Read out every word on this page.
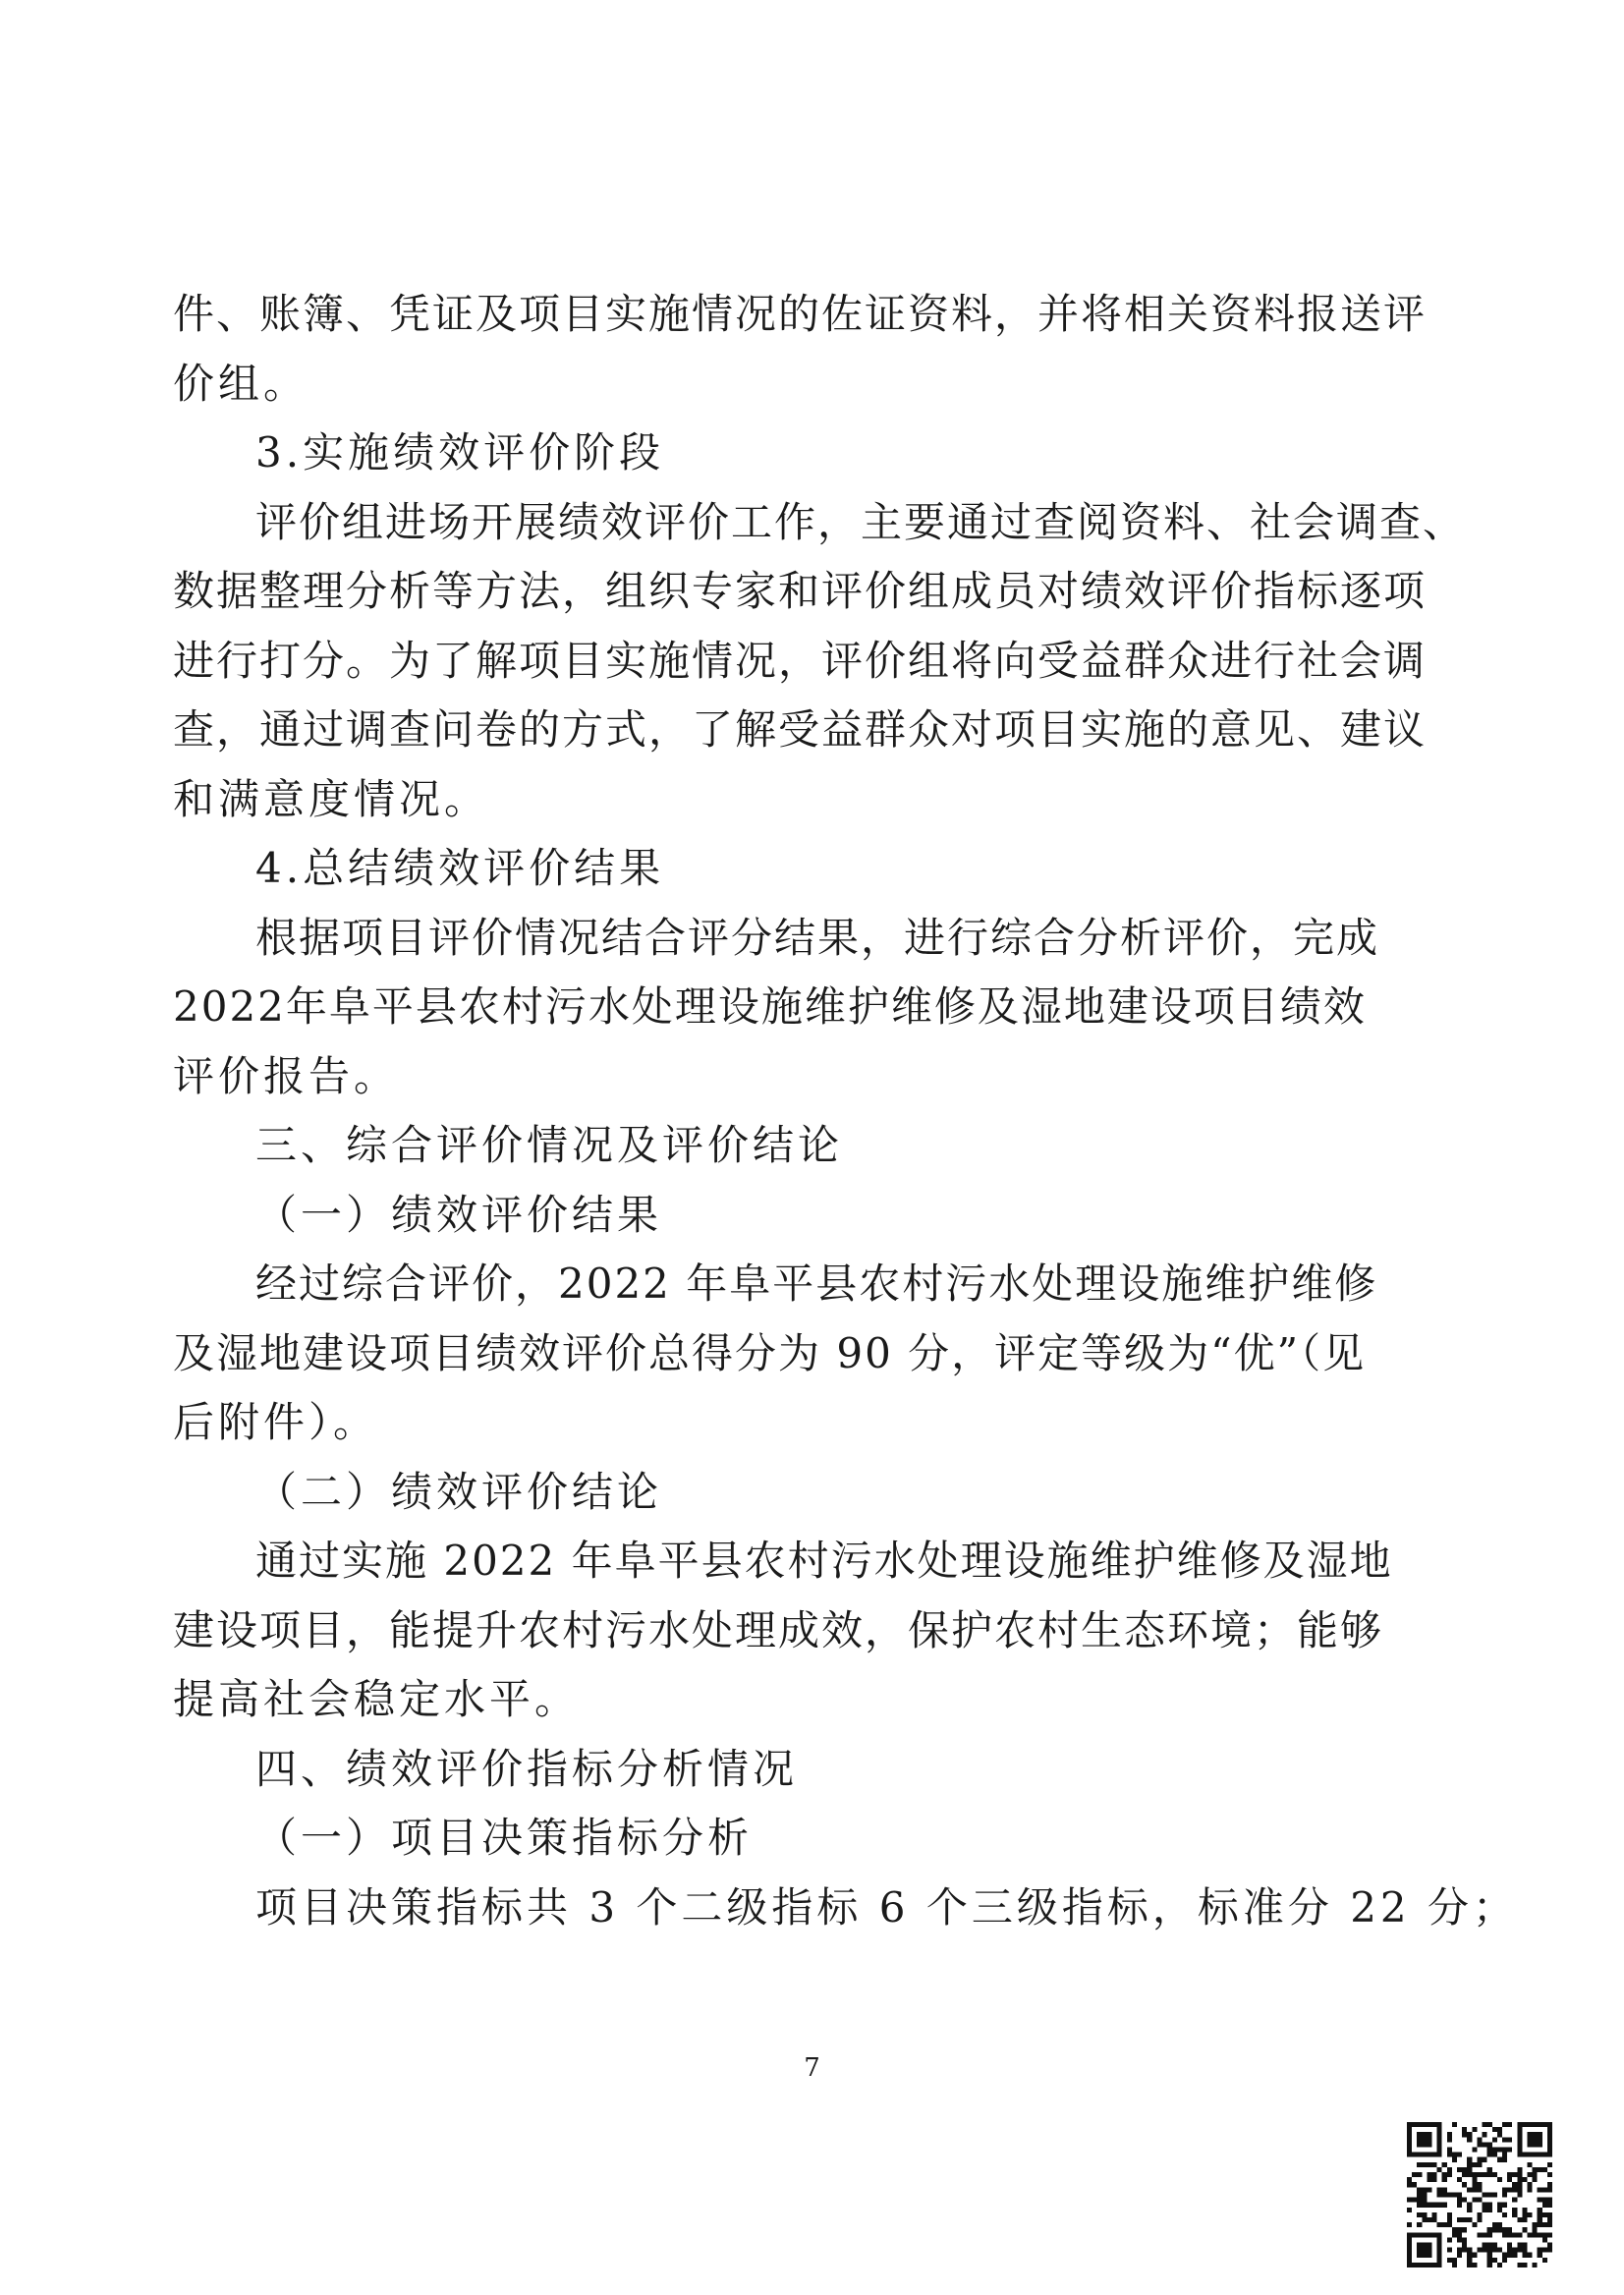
件、账簿、凭证及项目实施情况的佐证资料，并将相关资料报送评
价组。
3.实施绩效评价阶段
评价组进场开展绩效评价工作，主要通过查阅资料、社会调查、
数据整理分析等方法，组织专家和评价组成员对绩效评价指标逐项
进行打分。为了解项目实施情况，评价组将向受益群众进行社会调
查，通过调查问卷的方式，了解受益群众对项目实施的意见、建议
和满意度情况。
4.总结绩效评价结果
根据项目评价情况结合评分结果，进行综合分析评价，完成
2022年阜平县农村污水处理设施维护维修及湿地建设项目绩效
评价报告。
三、综合评价情况及评价结论
（一）绩效评价结果
经过综合评价，2022 年阜平县农村污水处理设施维护维修
及湿地建设项目绩效评价总得分为 90 分，评定等级为“优”（见
后附件）。
（二）绩效评价结论
通过实施 2022 年阜平县农村污水处理设施维护维修及湿地
建设项目，能提升农村污水处理成效，保护农村生态环境；能够
提高社会稳定水平。
四、绩效评价指标分析情况
（一）项目决策指标分析
项目决策指标共 3 个二级指标 6 个三级指标，标准分 22 分；
7
